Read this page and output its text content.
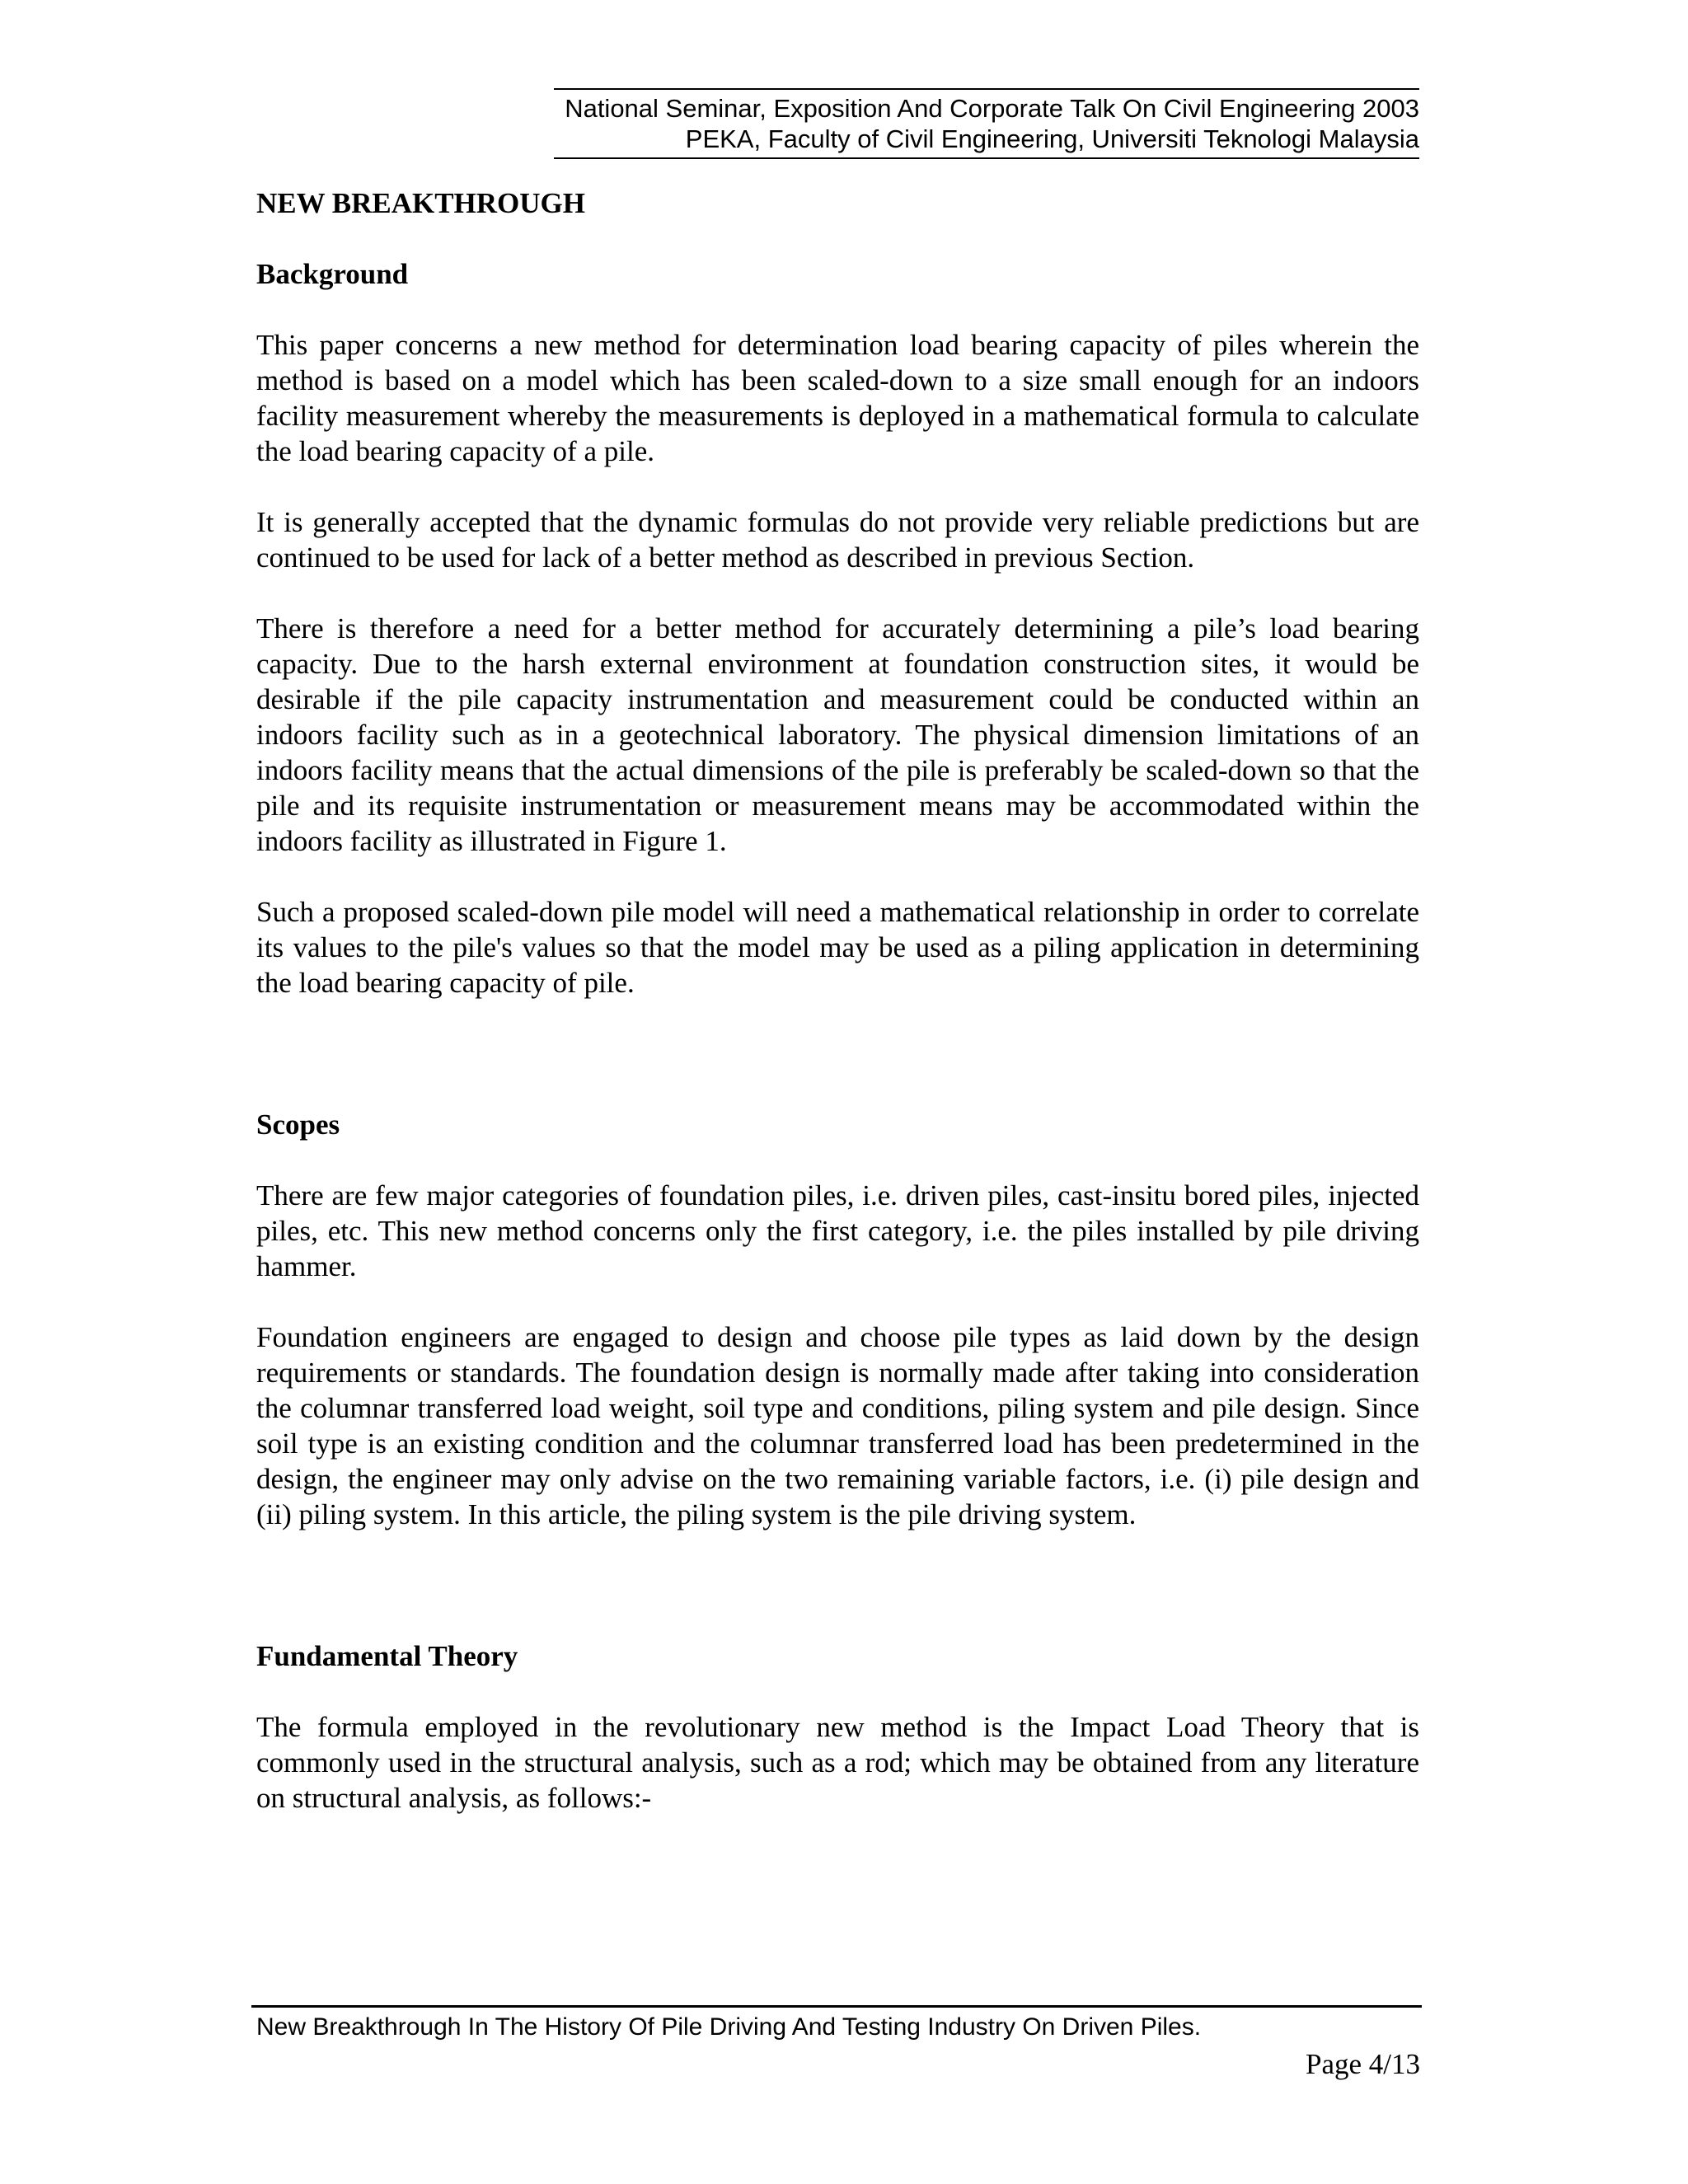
National Seminar, Exposition And Corporate Talk On Civil Engineering 2003
PEKA, Faculty of Civil Engineering, Universiti Teknologi Malaysia
NEW BREAKTHROUGH
Background

This paper concerns a new method for determination load bearing capacity of piles wherein the method is based on a model which has been scaled-down to a size small enough for an indoors facility measurement whereby the measurements is deployed in a mathematical formula to calculate the load bearing capacity of a pile.

It is generally accepted that the dynamic formulas do not provide very reliable predictions but are continued to be used for lack of a better method as described in previous Section.

There is therefore a need for a better method for accurately determining a pile’s load bearing capacity. Due to the harsh external environment at foundation construction sites, it would be desirable if the pile capacity instrumentation and measurement could be conducted within an indoors facility such as in a geotechnical laboratory. The physical dimension limitations of an indoors facility means that the actual dimensions of the pile is preferably be scaled-down so that the pile and its requisite instrumentation or measurement means may be accommodated within the indoors facility as illustrated in Figure 1.

Such a proposed scaled-down pile model will need a mathematical relationship in order to correlate its values to the pile's values so that the model may be used as a piling application in determining the load bearing capacity of pile.

Scopes

There are few major categories of foundation piles, i.e. driven piles, cast-insitu bored piles, injected piles, etc. This new method concerns only the first category, i.e. the piles installed by pile driving hammer.

Foundation engineers are engaged to design and choose pile types as laid down by the design requirements or standards. The foundation design is normally made after taking into consideration the columnar transferred load weight, soil type and conditions, piling system and pile design. Since soil type is an existing condition and the columnar transferred load has been predetermined in the design, the engineer may only advise on the two remaining variable factors, i.e. (i) pile design and (ii) piling system. In this article, the piling system is the pile driving system.

Fundamental Theory

The formula employed in the revolutionary new method is the Impact Load Theory that is commonly used in the structural analysis, such as a rod; which may be obtained from any literature on structural analysis, as follows:-

New Breakthrough In The History Of Pile Driving And Testing Industry On Driven Piles.
Page 4/13
